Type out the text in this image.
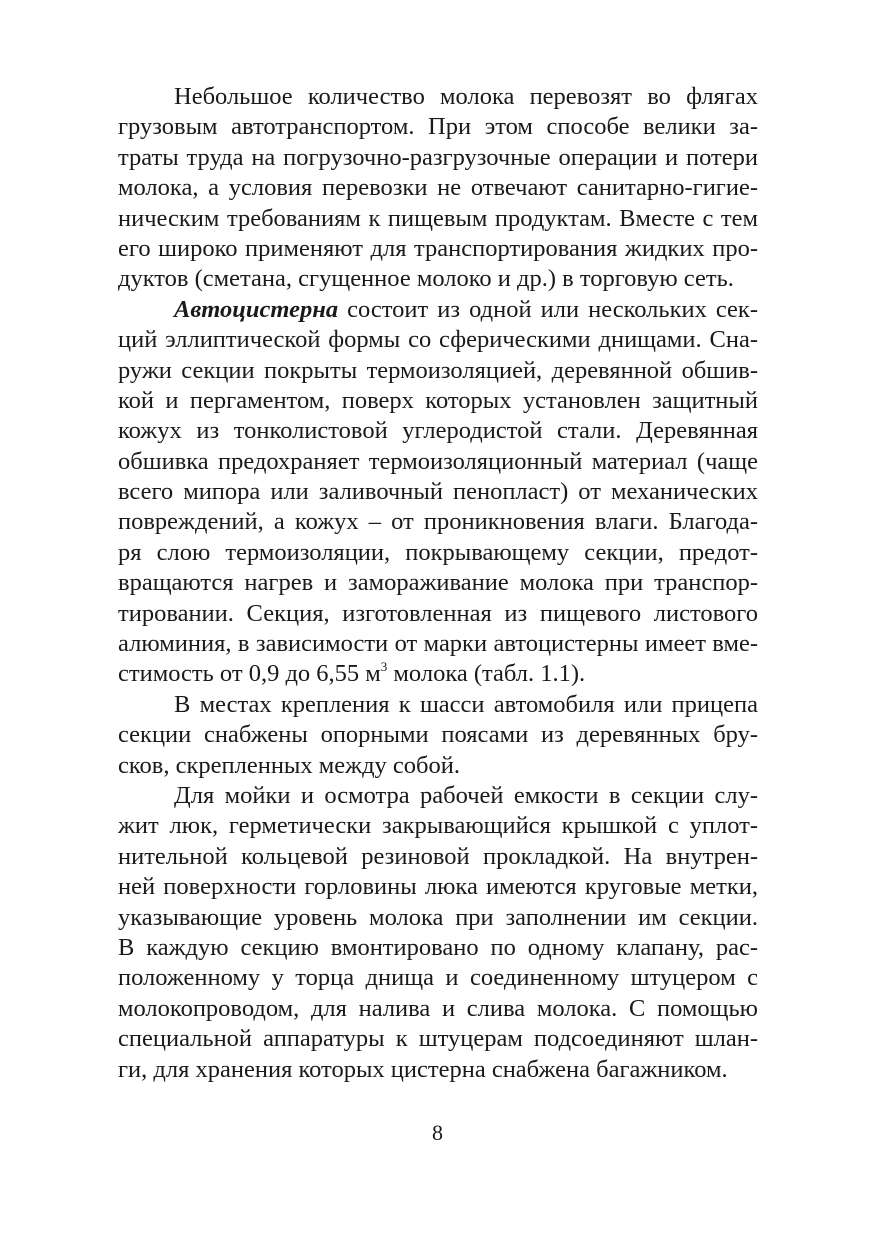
Небольшое количество молока перевозят во флягах
грузовым автотранспортом. При этом способе велики за-
траты труда на погрузочно-разгрузочные операции и потери
молока, а условия перевозки не отвечают санитарно-гигие-
ническим требованиям к пищевым продуктам. Вместе с тем
его широко применяют для транспортирования жидких про-
дуктов (сметана, сгущенное молоко и др.) в торговую сеть.
Автоцистерна состоит из одной или нескольких сек-
ций эллиптической формы со сферическими днищами. Сна-
ружи секции покрыты термоизоляцией, деревянной обшив-
кой и пергаментом, поверх которых установлен защитный
кожух из тонколистовой углеродистой стали. Деревянная
обшивка предохраняет термоизоляционный материал (чаще
всего мипора или заливочный пенопласт) от механических
повреждений, а кожух – от проникновения влаги. Благода-
ря слою термоизоляции, покрывающему секции, предот-
вращаются нагрев и замораживание молока при транспор-
тировании. Секция, изготовленная из пищевого листового
алюминия, в зависимости от марки автоцистерны имеет вме-
стимость от 0,9 до 6,55 $м^3$ молока (табл. 1.1).
В местах крепления к шасси автомобиля или прицепа
секции снабжены опорными поясами из деревянных бру-
сков, скрепленных между собой.
Для мойки и осмотра рабочей емкости в секции слу-
жит люк, герметически закрывающийся крышкой с уплот-
нительной кольцевой резиновой прокладкой. На внутрен-
ней поверхности горловины люка имеются круговые метки,
указывающие уровень молока при заполнении им секции.
В каждую секцию вмонтировано по одному клапану, рас-
положенному у торца днища и соединенному штуцером с
молокопроводом, для налива и слива молока. С помощью
специальной аппаратуры к штуцерам подсоединяют шлан-
ги, для хранения которых цистерна снабжена багажником.
8
